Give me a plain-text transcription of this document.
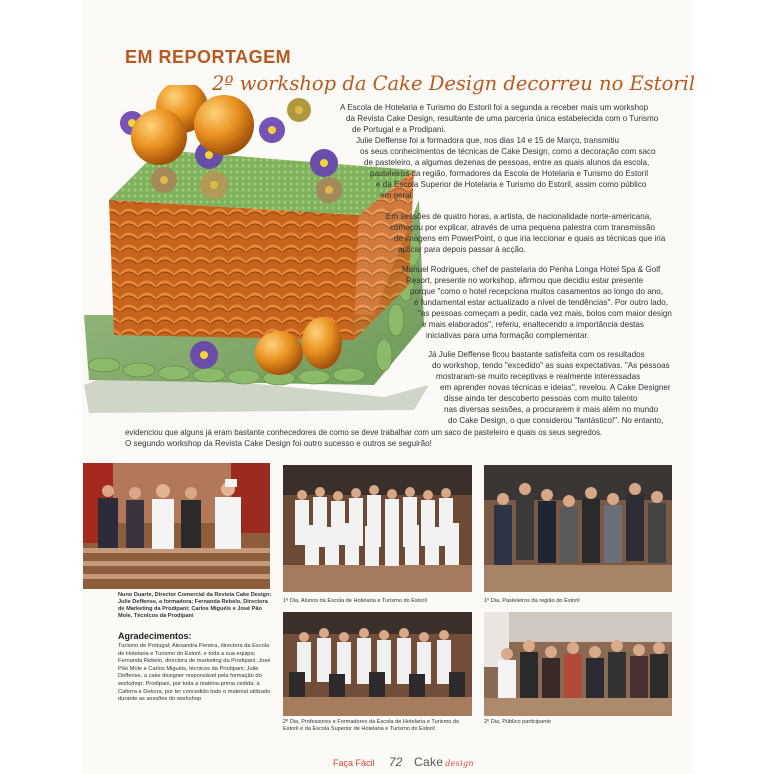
EM REPORTAGEM
2º workshop da Cake Design decorreu no Estoril
A Escola de Hotelaria e Turismo do Estoril foi a segunda a receber mais um workshop
da Revista Cake Design, resultante de uma parceria única estabelecida com o Turismo
de Portugal e a Prodipani.
Julie Deffense foi a formadora que, nos dias 14 e 15 de Março, transmitiu
os seus conhecimentos de técnicas de Cake Design, como a decoração com saco
de pasteleiro, a algumas dezenas de pessoas, entre as quais alunos da escola,
pasteleiros da região, formadores da Escola de Hotelaria e Turismo do Estoril
e da Escola Superior de Hotelaria e Turismo do Estoril, assim como público
em geral.
Em sessões de quatro horas, a artista, de nacionalidade norte-americana,
começou por explicar, através de uma pequena palestra com transmissão
de imagens em PowerPoint, o que iria leccionar e quais as técnicas que iria
aplicar para depois passar à acção.
Manuel Rodrigues, chef de pastelaria do Penha Longa Hotel Spa & Golf
Resort, presente no workshop, afirmou que decidiu estar presente
porque "como o hotel recepciona muitos casamentos ao longo do ano,
é fundamental estar actualizado a nível de tendências". Por outro lado,
"as pessoas começam a pedir, cada vez mais, bolos com maior design
e mais elaborados", referiu, enaltecendo a importância destas
iniciativas para uma formação complementar.
Já Julie Deffense ficou bastante satisfeita com os resultados
do workshop, tendo "excedido" as suas expectativas. "As pessoas
mostraram-se muito receptivas e realmente interessadas
em aprender novas técnicas e ideias", revelou. A Cake Designer
disse ainda ter descoberto pessoas com muito talento
nas diversas sessões, a procurarem ir mais além no mundo
do Cake Design, o que considerou "fantástico!". No entanto,
evidenciou que alguns já eram bastante conhecedores de como se deve trabalhar com um saco de pasteleiro e quais os seus segredos.
O segundo workshop da Revista Cake Design foi outro sucesso e outros se seguirão!
Nuno Duarte, Director Comercial da Revista Cake Design; Julie Deffense, a formadora; Fernanda Rebelo, Directora de Marketing da Prodipani; Carlos Miguéis e José Pão Mole, Técnicos da Prodipani
1º Dia, Alunos da Escola de Hotelaria e Turismo do Estoril	1º Dia, Pasteleiros da região do Estoril
Agradecimentos:
Turismo de Portugal; Alexandra Pereira, directora da Escola de Hotelaria e Turismo do Estoril, e toda a sua equipa; Fernanda Rebelo, directora de marketing da Prodipani; José Pão Mole e Carlos Miguéis, técnicos da Prodipani; Julie Deffense, a cake designer responsável pela formação do workshop; Prodipani, por toda a matéria-prima cedida; à Caferra e Dekora, por ter concedido todo o material utilizado durante as sessões do workshop
2º Dia, Professores e Formadores da Escola de Hotelaria e Turismo do Estoril e da Escola Superior de Hotelaria e Turismo do Estoril
2º Dia, Público participante
Faça Fácil 72 Cake design
